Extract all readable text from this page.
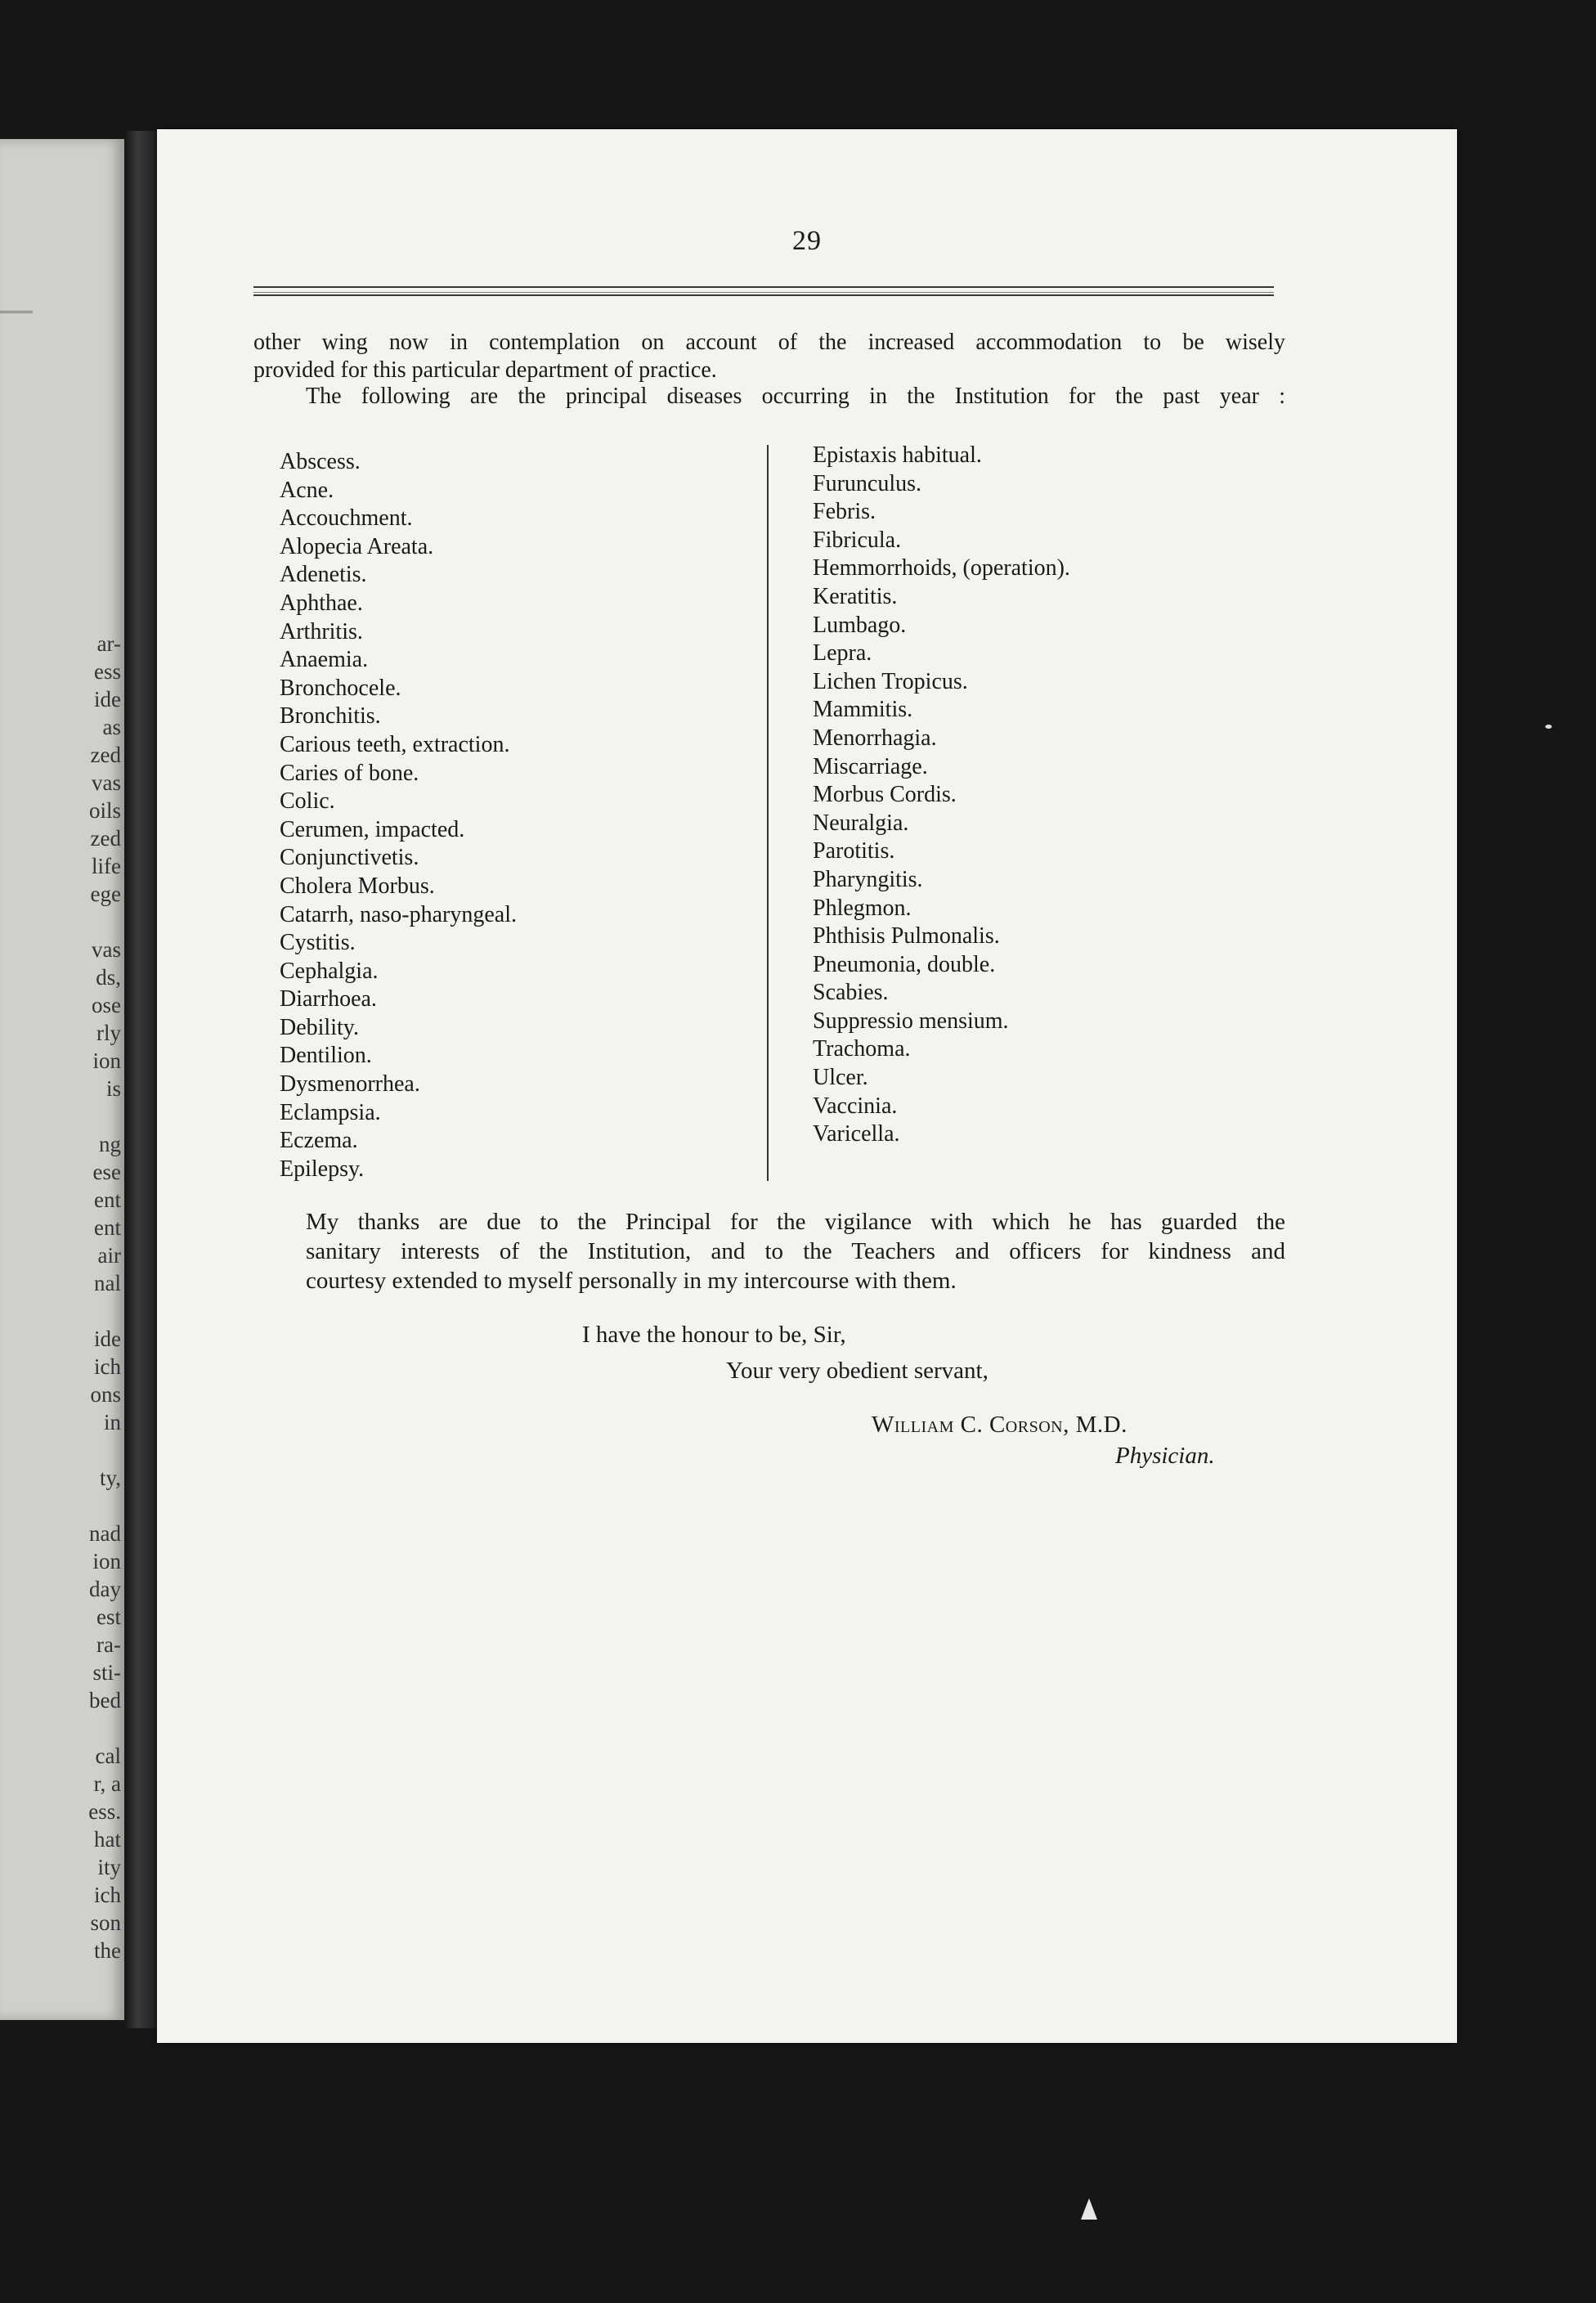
ar-
ess
ide
as
zed
vas
oils
zed
life
ege
vas
ds,
ose
rly
ion
is
ng
ese
ent
ent
air
nal
ide
ich
ons
in
ty,
nad
ion
day
est
ra-
sti-
bed
cal
r, a
ess.
hat
ity
ich
son
the
29
other wing now in contemplation on account of the increased accommodation to be wisely
provided for this particular department of practice.
The following are the principal diseases occurring in the Institution for the past year :
Abscess.
Acne.
Accouchment.
Alopecia Areata.
Adenetis.
Aphthae.
Arthritis.
Anaemia.
Bronchocele.
Bronchitis.
Carious teeth, extraction.
Caries of bone.
Colic.
Cerumen, impacted.
Conjunctivetis.
Cholera Morbus.
Catarrh, naso-pharyngeal.
Cystitis.
Cephalgia.
Diarrhoea.
Debility.
Dentilion.
Dysmenorrhea.
Eclampsia.
Eczema.
Epilepsy.
Epistaxis habitual.
Furunculus.
Febris.
Fibricula.
Hemmorrhoids, (operation).
Keratitis.
Lumbago.
Lepra.
Lichen Tropicus.
Mammitis.
Menorrhagia.
Miscarriage.
Morbus Cordis.
Neuralgia.
Parotitis.
Pharyngitis.
Phlegmon.
Phthisis Pulmonalis.
Pneumonia, double.
Scabies.
Suppressio mensium.
Trachoma.
Ulcer.
Vaccinia.
Varicella.
My thanks are due to the Principal for the vigilance with which he has guarded the
sanitary interests of the Institution, and to the Teachers and officers for kindness and
courtesy extended to myself personally in my intercourse with them.
I have the honour to be, Sir,
Your very obedient servant,
William C. Corson, M.D.
Physician.
